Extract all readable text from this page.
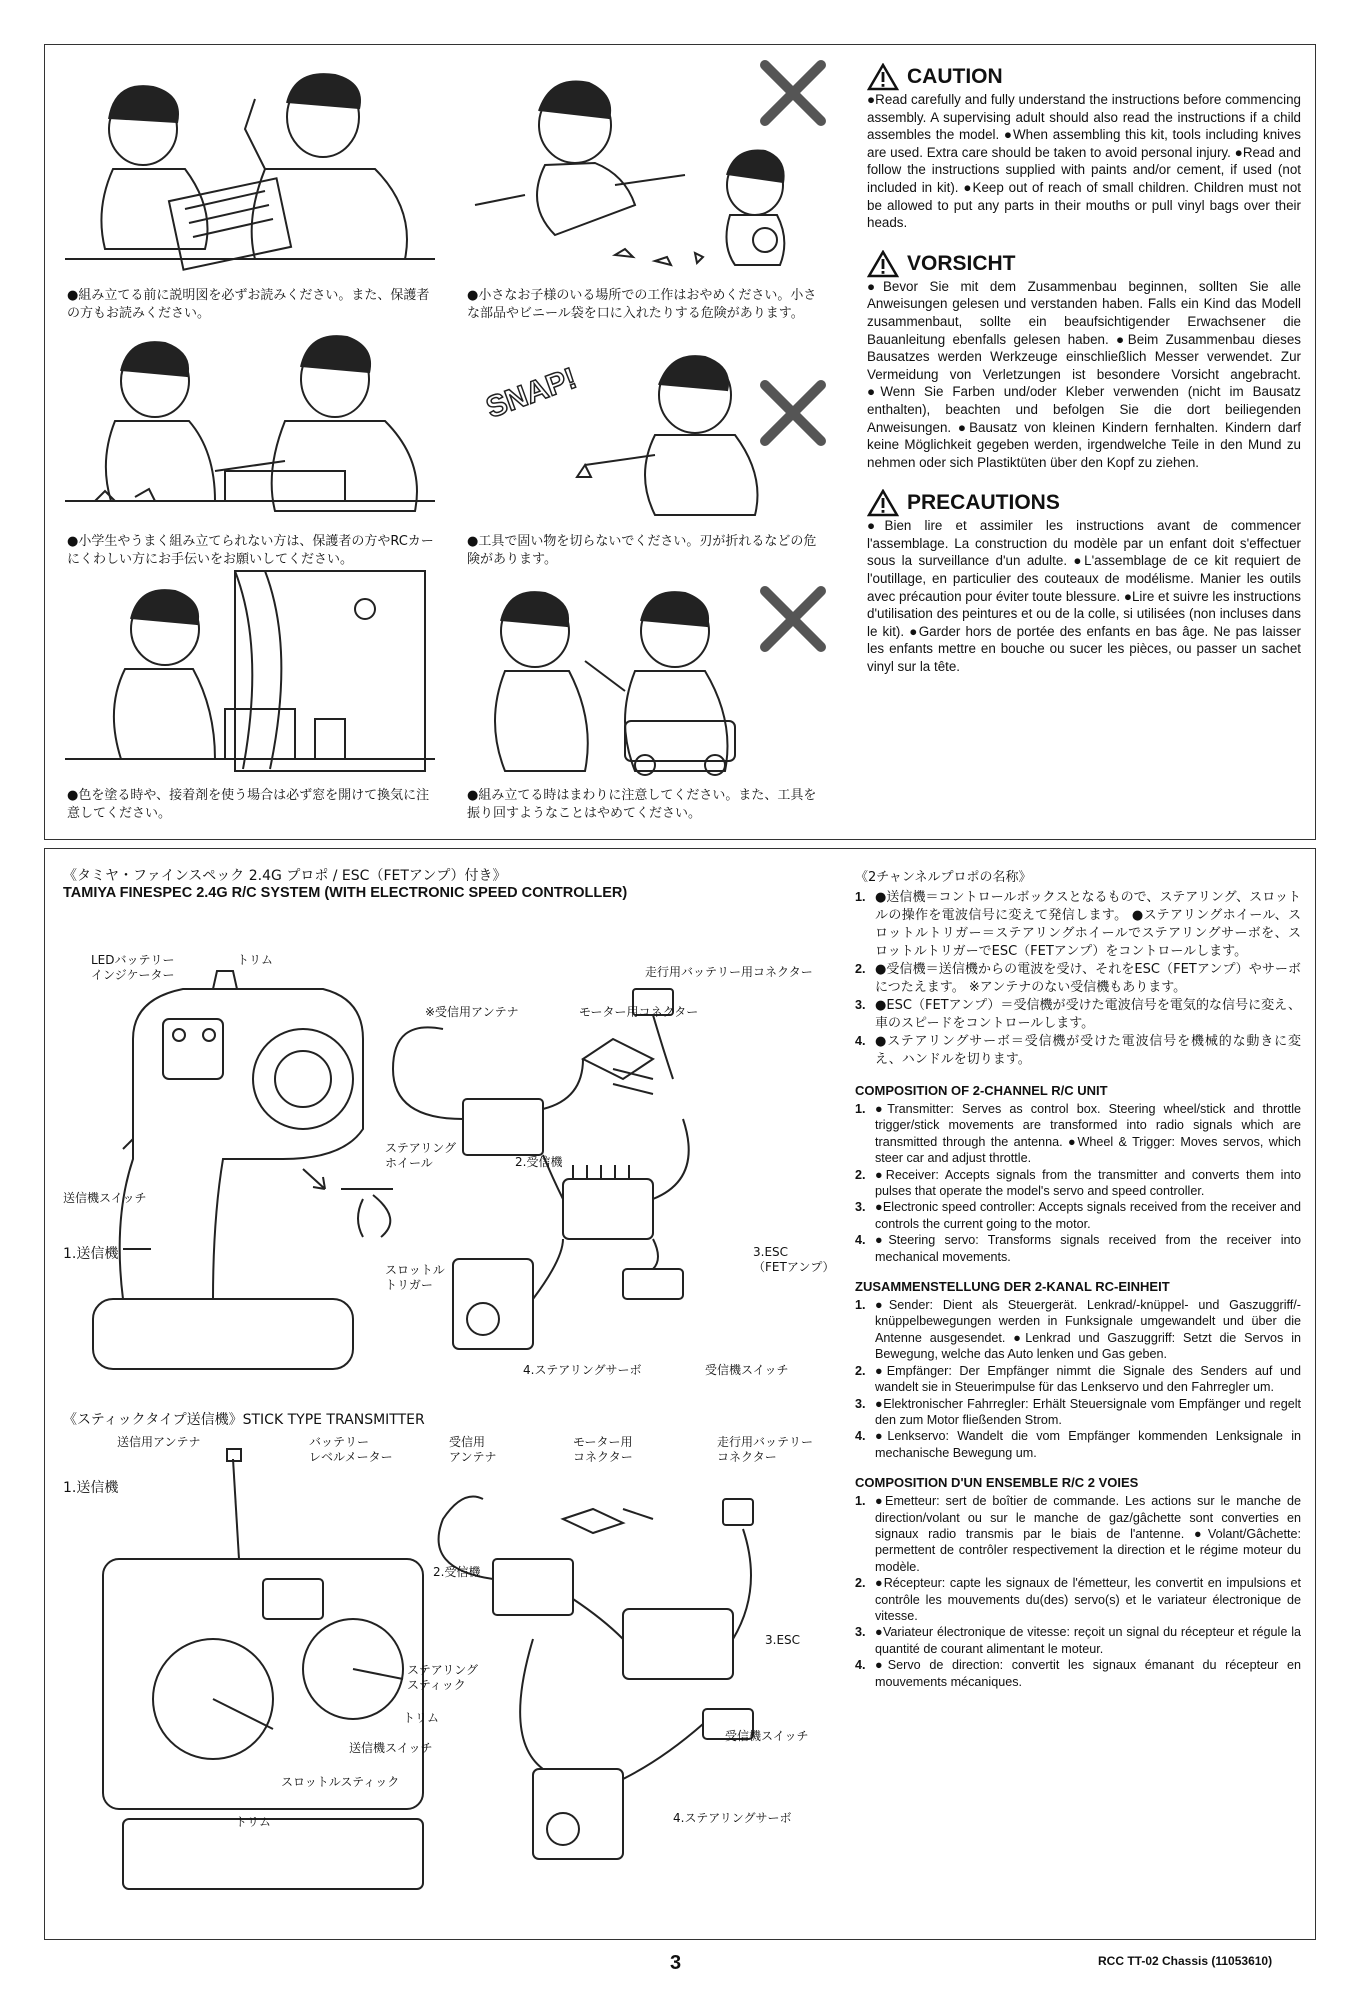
●組み立てる前に説明図を必ずお読みください。また、保護者の方もお読みください。
●小さなお子様のいる場所での工作はおやめください。小さな部品やビニール袋を口に入れたりする危険があります。
●小学生やうまく組み立てられない方は、保護者の方やRCカーにくわしい方にお手伝いをお願いしてください。
SNAP!
●工具で固い物を切らないでください。刃が折れるなどの危険があります。
●色を塗る時や、接着剤を使う場合は必ず窓を開けて換気に注意してください。
●組み立てる時はまわりに注意してください。また、工具を振り回すようなことはやめてください。
CAUTION

●Read carefully and fully understand the instructions before commencing assembly. A supervising adult should also read the instructions if a child assembles the model. ●When assembling this kit, tools including knives are used. Extra care should be taken to avoid personal injury. ●Read and follow the instructions supplied with paints and/or cement, if used (not included in kit). ●Keep out of reach of small children. Children must not be allowed to put any parts in their mouths or pull vinyl bags over their heads.

VORSICHT

●Bevor Sie mit dem Zusammenbau beginnen, sollten Sie alle Anweisungen gelesen und verstanden haben. Falls ein Kind das Modell zusammenbaut, sollte ein beaufsichtigender Erwachsener die Bauanleitung ebenfalls gelesen haben. ●Beim Zusammenbau dieses Bausatzes werden Werkzeuge einschließlich Messer verwendet. Zur Vermeidung von Verletzungen ist besondere Vorsicht angebracht. ●Wenn Sie Farben und/oder Kleber verwenden (nicht im Bausatz enthalten), beachten und befolgen Sie die dort beiliegenden Anweisungen. ●Bausatz von kleinen Kindern fernhalten. Kindern darf keine Möglichkeit gegeben werden, irgendwelche Teile in den Mund zu nehmen oder sich Plastiktüten über den Kopf zu ziehen.

PRECAUTIONS

●Bien lire et assimiler les instructions avant de commencer l'assemblage. La construction du modèle par un enfant doit s'effectuer sous la surveillance d'un adulte. ●L'assemblage de ce kit requiert de l'outillage, en particulier des couteaux de modélisme. Manier les outils avec précaution pour éviter toute blessure. ●Lire et suivre les instructions d'utilisation des peintures et ou de la colle, si utilisées (non incluses dans le kit). ●Garder hors de portée des enfants en bas âge. Ne pas laisser les enfants mettre en bouche ou sucer les pièces, ou passer un sachet vinyl sur la tête.

《タミヤ・ファインスペック 2.4G プロポ / ESC（FETアンプ）付き》
TAMIYA FINESPEC 2.4G R/C SYSTEM (WITH ELECTRONIC SPEED CONTROLLER)
LEDバッテリー
インジケーター
トリム
走行用バッテリー用コネクター
※受信用アンテナ	モーター用コネクター
ステアリング
ホイール	2.受信機
送信機スイッチ
1.送信機
スロットル
トリガー
3.ESC
（FETアンプ）
4.ステアリングサーボ	受信機スイッチ
《スティックタイプ送信機》STICK TYPE TRANSMITTER
送信用アンテナ	バッテリー
レベルメーター
受信用
アンテナ
モーター用
コネクター
走行用バッテリー
コネクター
1.送信機
2.受信機
3.ESC
ステアリング
スティック
トリム
受信機スイッチ
送信機スイッチ
スロットルスティック
トリム	4.ステアリングサーボ
《2チャンネルプロポの名称》
1. ●送信機＝コントロールボックスとなるもので、ステアリング、スロットルの操作を電波信号に変えて発信します。 ●ステアリングホイール、スロットルトリガー＝ステアリングホイールでステアリングサーボを、スロットルトリガーでESC（FETアンプ）をコントロールします。
2. ●受信機＝送信機からの電波を受け、それをESC（FETアンプ）やサーボにつたえます。 ※アンテナのない受信機もあります。
3. ●ESC（FETアンプ）＝受信機が受けた電波信号を電気的な信号に変え、車のスピードをコントロールします。
4. ●ステアリングサーボ＝受信機が受けた電波信号を機械的な動きに変え、ハンドルを切ります。

COMPOSITION OF 2-CHANNEL R/C UNIT

1. ●Transmitter: Serves as control box. Steering wheel/stick and throttle trigger/stick movements are transformed into radio signals which are transmitted through the antenna. ●Wheel & Trigger: Moves servos, which steer car and adjust throttle.
2. ●Receiver: Accepts signals from the transmitter and converts them into pulses that operate the model's servo and speed controller.
3. ●Electronic speed controller: Accepts signals received from the receiver and controls the current going to the motor.
4. ●Steering servo: Transforms signals received from the receiver into mechanical movements.

ZUSAMMENSTELLUNG DER 2-KANAL RC-EINHEIT

1. ●Sender: Dient als Steuergerät. Lenkrad/-knüppel- und Gaszuggriff/- knüppelbewegungen werden in Funksignale umgewandelt und über die Antenne ausgesendet. ●Lenkrad und Gaszuggriff: Setzt die Servos in Bewegung, welche das Auto lenken und Gas geben.
2. ●Empfänger: Der Empfänger nimmt die Signale des Senders auf und wandelt sie in Steuerimpulse für das Lenkservo und den Fahrregler um.
3. ●Elektronischer Fahrregler: Erhält Steuersignale vom Empfänger und regelt den zum Motor fließenden Strom.
4. ●Lenkservo: Wandelt die vom Empfänger kommenden Lenksignale in mechanische Bewegung um.

COMPOSITION D'UN ENSEMBLE R/C 2 VOIES

1. ●Emetteur: sert de boîtier de commande. Les actions sur le manche de direction/volant ou sur le manche de gaz/gâchette sont converties en signaux radio transmis par le biais de l'antenne. ●Volant/Gâchette: permettent de contrôler respectivement la direction et le régime moteur du modèle.
2. ●Récepteur: capte les signaux de l'émetteur, les convertit en impulsions et contrôle les mouvements du(des) servo(s) et le variateur électronique de vitesse.
3. ●Variateur électronique de vitesse: reçoit un signal du récepteur et régule la quantité de courant alimentant le moteur.
4. ●Servo de direction: convertit les signaux émanant du récepteur en mouvements mécaniques.
3	RCC TT-02 Chassis (11053610)
